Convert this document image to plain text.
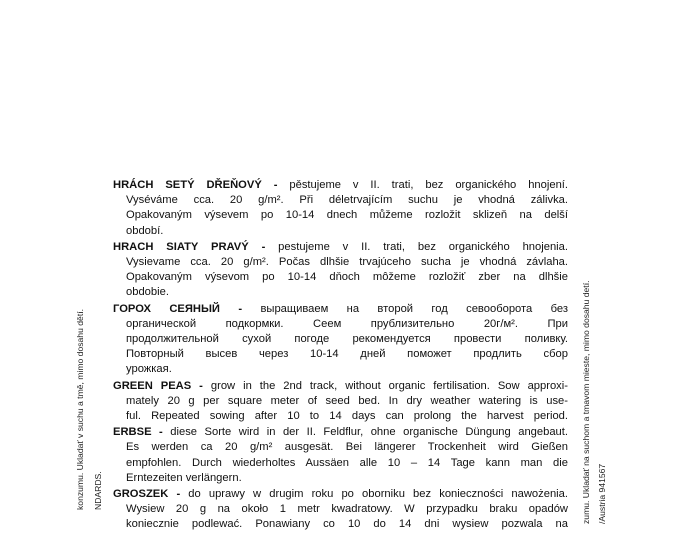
konzumu. Ukladať v suchu a tmě, mimo dosahu dětí. NDARDS.	zumu. Ukladať na suchom a tmavom mieste, mimo dosahu detí. /Austria 941567
HRÁCH SETÝ DŘEŇOVÝ - pěstujeme v II. trati, bez organického hnojení.
Vyséváme cca. 20 g/m². Při déletrvajícím suchu je vhodná zálivka.
Opakovaným výsevem po 10-14 dnech můžeme rozložit sklizeň na delší
období.
HRACH SIATY PRAVÝ - pestujeme v II. trati, bez organického hnojenia.
Vysievame cca. 20 g/m². Počas dlhšie trvajúceho sucha je vhodná závlaha.
Opakovaným výsevom po 10-14 dňoch môžeme rozložiť zber na dlhšie
obdobie.
ГОРОХ СЕЯНЫЙ - выращиваем на второй год севооборота без
органической подкормки. Сеем прублизительно 20г/м². При
продолжительной сухой погоде рекомендуется провести поливку.
Повторный высев через 10-14 дней поможет продлить сбор
урожкая.
GREEN PEAS - grow in the 2nd track, without organic fertilisation. Sow approxi-
mately 20 g per square meter of seed bed. In dry weather watering is use-
ful. Repeated sowing after 10 to 14 days can prolong the harvest period.
ERBSE - diese Sorte wird in der II. Feldflur, ohne organische Düngung angebaut.
Es werden ca 20 g/m² ausgesät. Bei längerer Trockenheit wird Gießen
empfohlen. Durch wiederholtes Aussäen alle 10 – 14 Tage kann man die
Erntezeiten verlängern.
GROSZEK - do uprawy w drugim roku po oborniku bez konieczności nawożenia.
Wysiew 20 g na około 1 metr kwadratowy. W przypadku braku opadów
koniecznie podlewać. Ponawiany co 10 do 14 dni wysiew pozwala na
